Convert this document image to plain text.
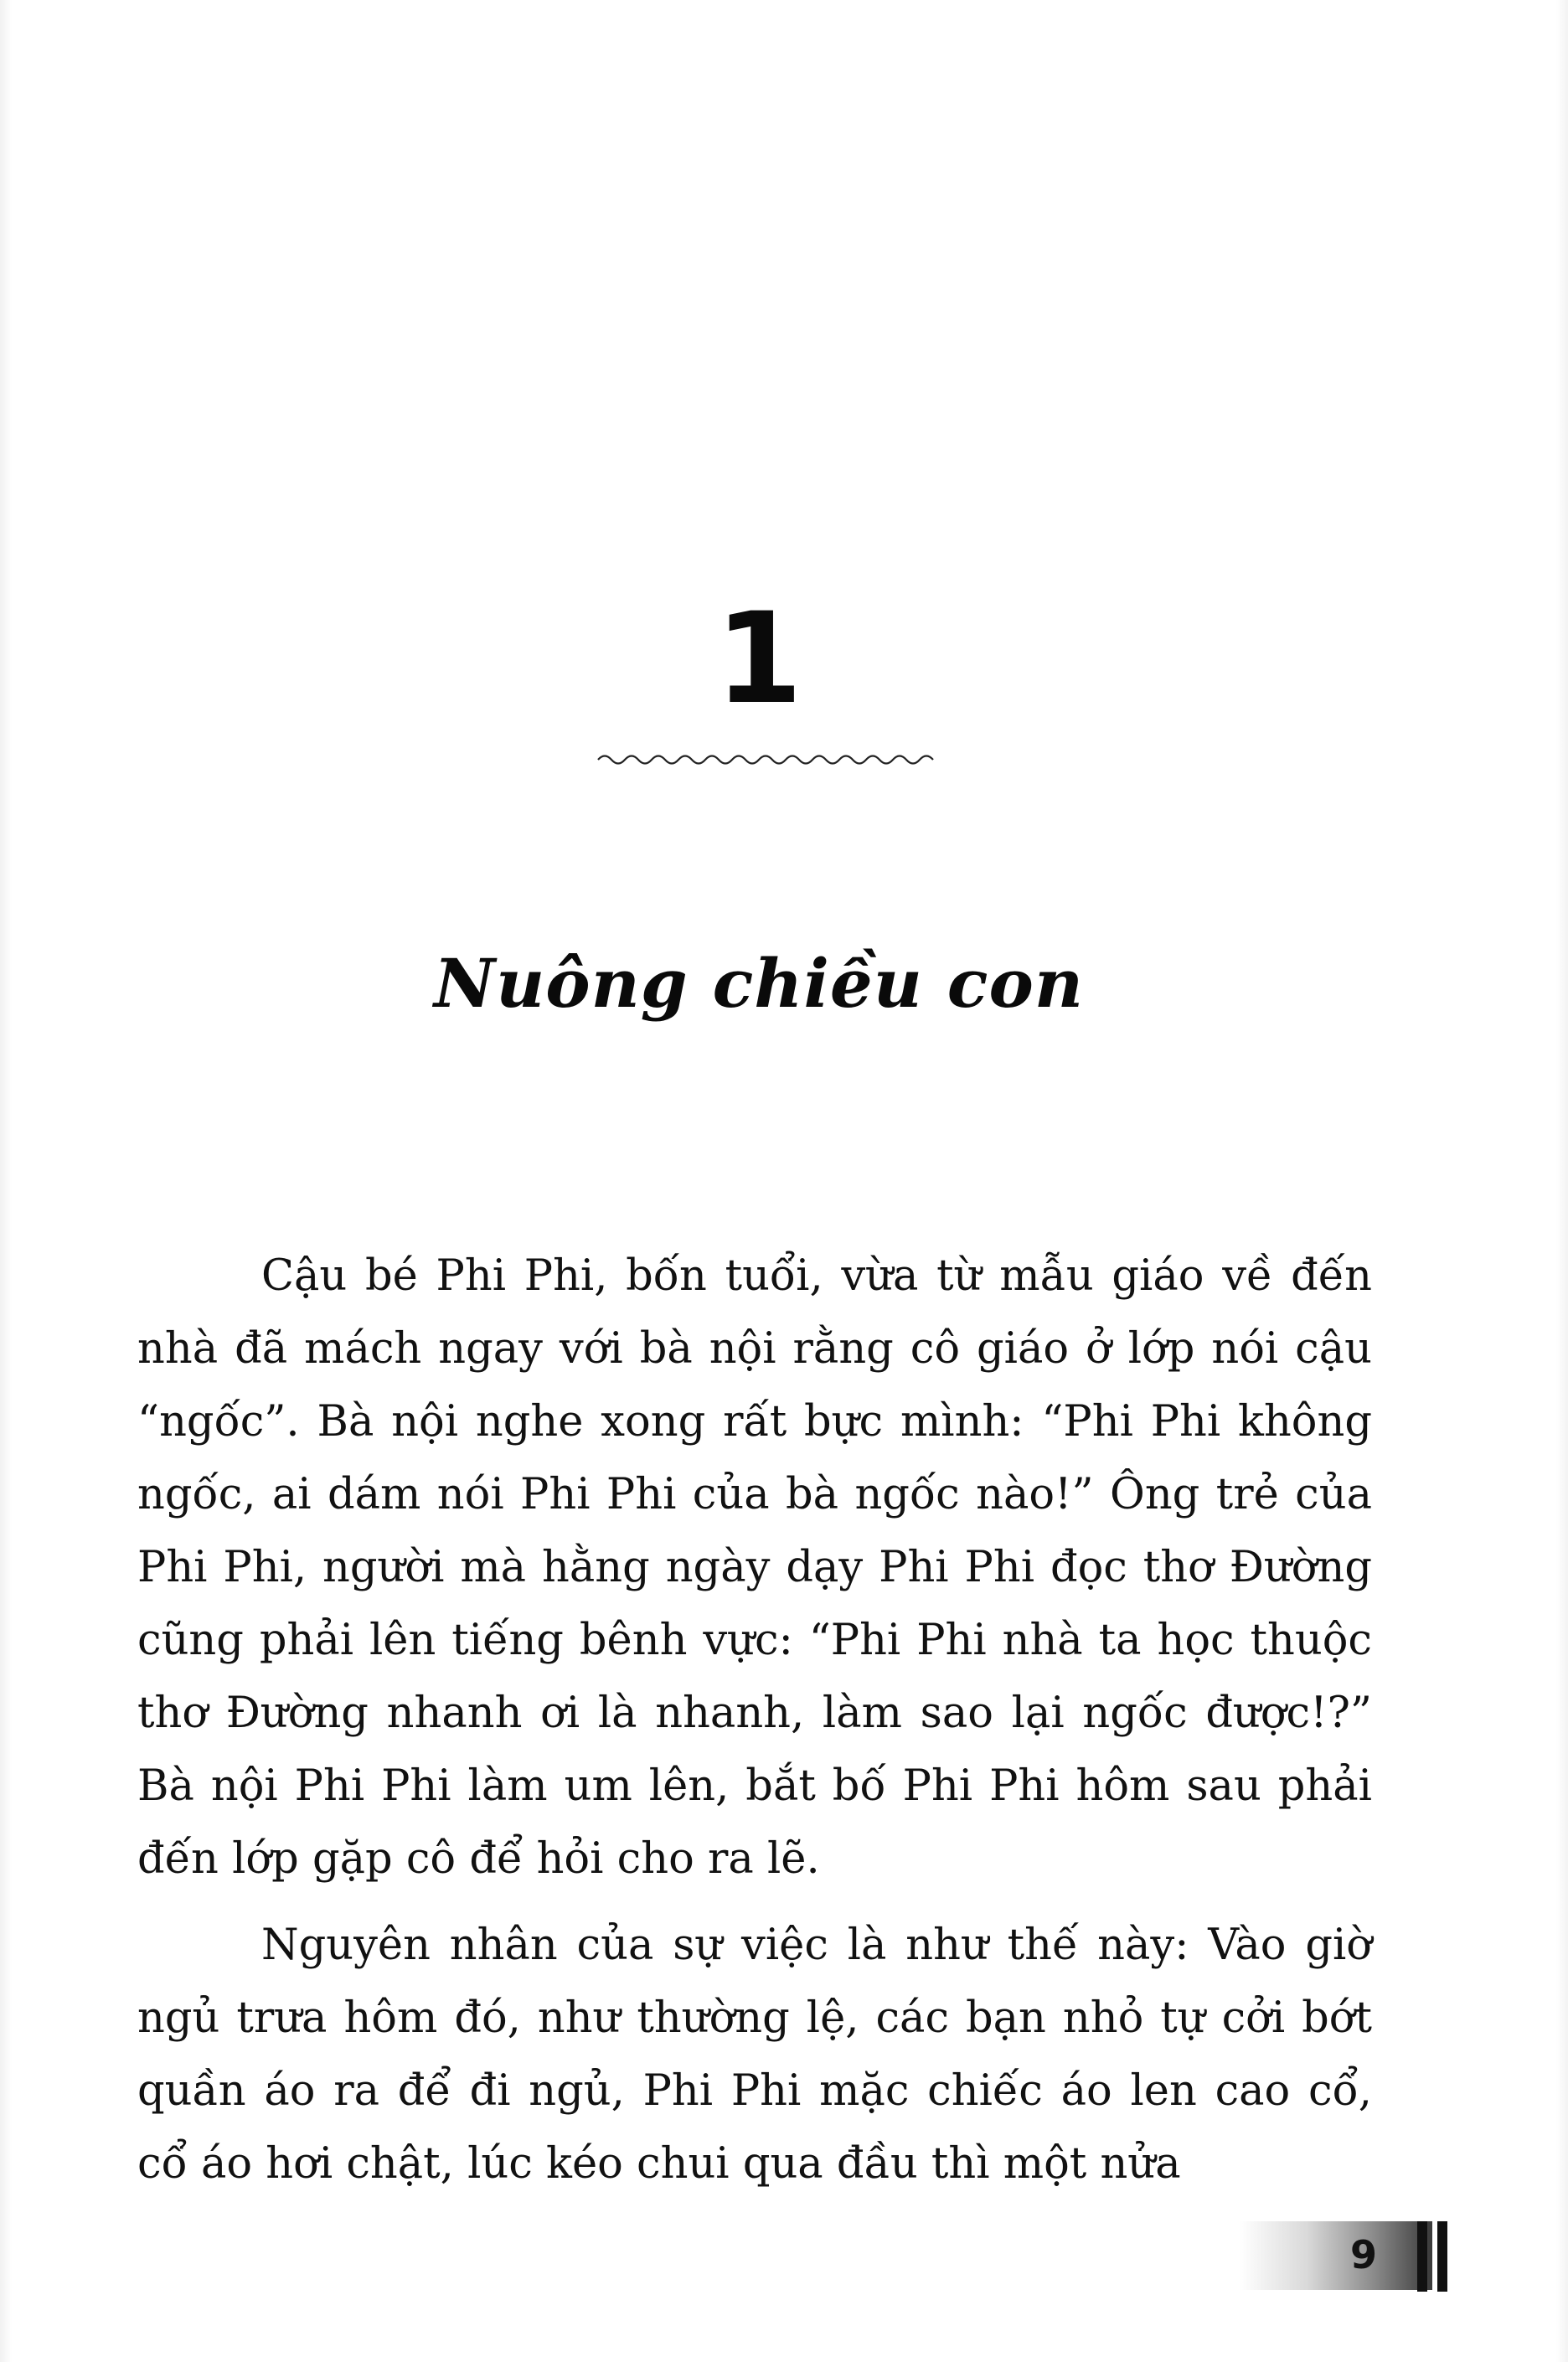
1
Nuông chiều con

Cậu bé Phi Phi, bốn tuổi, vừa từ mẫu giáo về đến nhà đã mách ngay với bà nội rằng cô giáo ở lớp nói cậu “ngốc”. Bà nội nghe xong rất bực mình: “Phi Phi không ngốc, ai dám nói Phi Phi của bà ngốc nào!” Ông trẻ của Phi Phi, người mà hằng ngày dạy Phi Phi đọc thơ Đường cũng phải lên tiếng bênh vực: “Phi Phi nhà ta học thuộc thơ Đường nhanh ơi là nhanh, làm sao lại ngốc được!?” Bà nội Phi Phi làm um lên, bắt bố Phi Phi hôm sau phải đến lớp gặp cô để hỏi cho ra lẽ.

Nguyên nhân của sự việc là như thế này: Vào giờ ngủ trưa hôm đó, như thường lệ, các bạn nhỏ tự cởi bớt quần áo ra để đi ngủ, Phi Phi mặc chiếc áo len cao cổ, cổ áo hơi chật, lúc kéo chui qua đầu thì một nửa

9
